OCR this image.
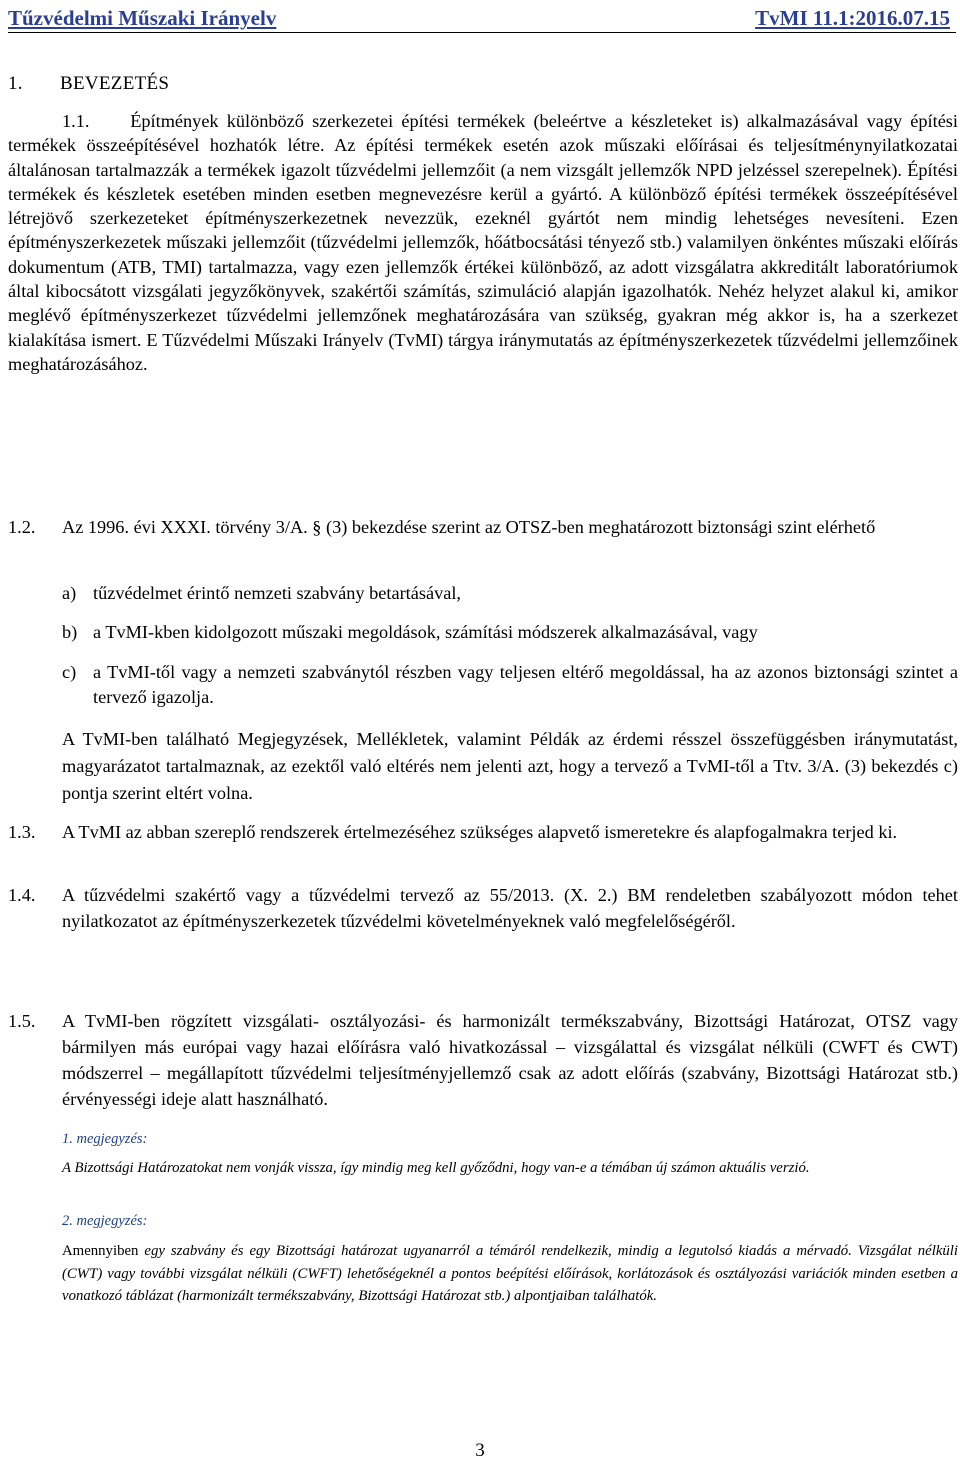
Tűzvédelmi Műszaki Irányelv	TvMI 11.1:2016.07.15
1. BEVEZETÉS
1.1. Építmények különböző szerkezetei építési termékek (beleértve a készleteket is) alkalmazásával vagy építési termékek összeépítésével hozhatók létre. Az építési termékek esetén azok műszaki előírásai és teljesítménynyilatkozatai általánosan tartalmazzák a termékek igazolt tűzvédelmi jellemzőit (a nem vizsgált jellemzők NPD jelzéssel szerepelnek). Építési termékek és készletek esetében minden esetben megnevezésre kerül a gyártó. A különböző építési termékek összeépítésével létrejövő szerkezeteket építményszerkezetnek nevezzük, ezeknél gyártót nem mindig lehetséges nevesíteni. Ezen építményszerkezetek műszaki jellemzőit (tűzvédelmi jellemzők, hőátbocsátási tényező stb.) valamilyen önkéntes műszaki előírás dokumentum (ATB, TMI) tartalmazza, vagy ezen jellemzők értékei különböző, az adott vizsgálatra akkreditált laboratóriumok által kibocsátott vizsgálati jegyzőkönyvek, szakértői számítás, szimuláció alapján igazolhatók. Nehéz helyzet alakul ki, amikor meglévő építményszerkezet tűzvédelmi jellemzőnek meghatározására van szükség, gyakran még akkor is, ha a szerkezet kialakítása ismert. E Tűzvédelmi Műszaki Irányelv (TvMI) tárgya iránymutatás az építményszerkezetek tűzvédelmi jellemzőinek meghatározásához.
1.2. Az 1996. évi XXXI. törvény 3/A. § (3) bekezdése szerint az OTSZ-ben meghatározott biztonsági szint elérhető
a) tűzvédelmet érintő nemzeti szabvány betartásával,
b) a TvMI-kben kidolgozott műszaki megoldások, számítási módszerek alkalmazásával, vagy
c) a TvMI-től vagy a nemzeti szabványtól részben vagy teljesen eltérő megoldással, ha az azonos biztonsági szintet a tervező igazolja.
A TvMI-ben található Megjegyzések, Mellékletek, valamint Példák az érdemi résszel összefüggésben iránymutatást, magyarázatot tartalmaznak, az ezektől való eltérés nem jelenti azt, hogy a tervező a TvMI-től a Ttv. 3/A. (3) bekezdés c) pontja szerint eltért volna.
1.3. A TvMI az abban szereplő rendszerek értelmezéséhez szükséges alapvető ismeretekre és alapfogalmakra terjed ki.
1.4. A tűzvédelmi szakértő vagy a tűzvédelmi tervező az 55/2013. (X. 2.) BM rendeletben szabályozott módon tehet nyilatkozatot az építményszerkezetek tűzvédelmi követelményeknek való megfelelőségéről.
1.5. A TvMI-ben rögzített vizsgálati- osztályozási- és harmonizált termékszabvány, Bizottsági Határozat, OTSZ vagy bármilyen más európai vagy hazai előírásra való hivatkozással – vizsgálattal és vizsgálat nélküli (CWFT és CWT) módszerrel – megállapított tűzvédelmi teljesítményjellemző csak az adott előírás (szabvány, Bizottsági Határozat stb.) érvényességi ideje alatt használható.
1. megjegyzés:
A Bizottsági Határozatokat nem vonják vissza, így mindig meg kell győződni, hogy van-e a témában új számon aktuális verzió.
2. megjegyzés:
Amennyiben egy szabvány és egy Bizottsági határozat ugyanarról a témáról rendelkezik, mindig a legutolsó kiadás a mérvadó. Vizsgálat nélküli (CWT) vagy további vizsgálat nélküli (CWFT) lehetőségeknél a pontos beépítési előírások, korlátozások és osztályozási variációk minden esetben a vonatkozó táblázat (harmonizált termékszabvány, Bizottsági Határozat stb.) alpontjaiban találhatók.
3
